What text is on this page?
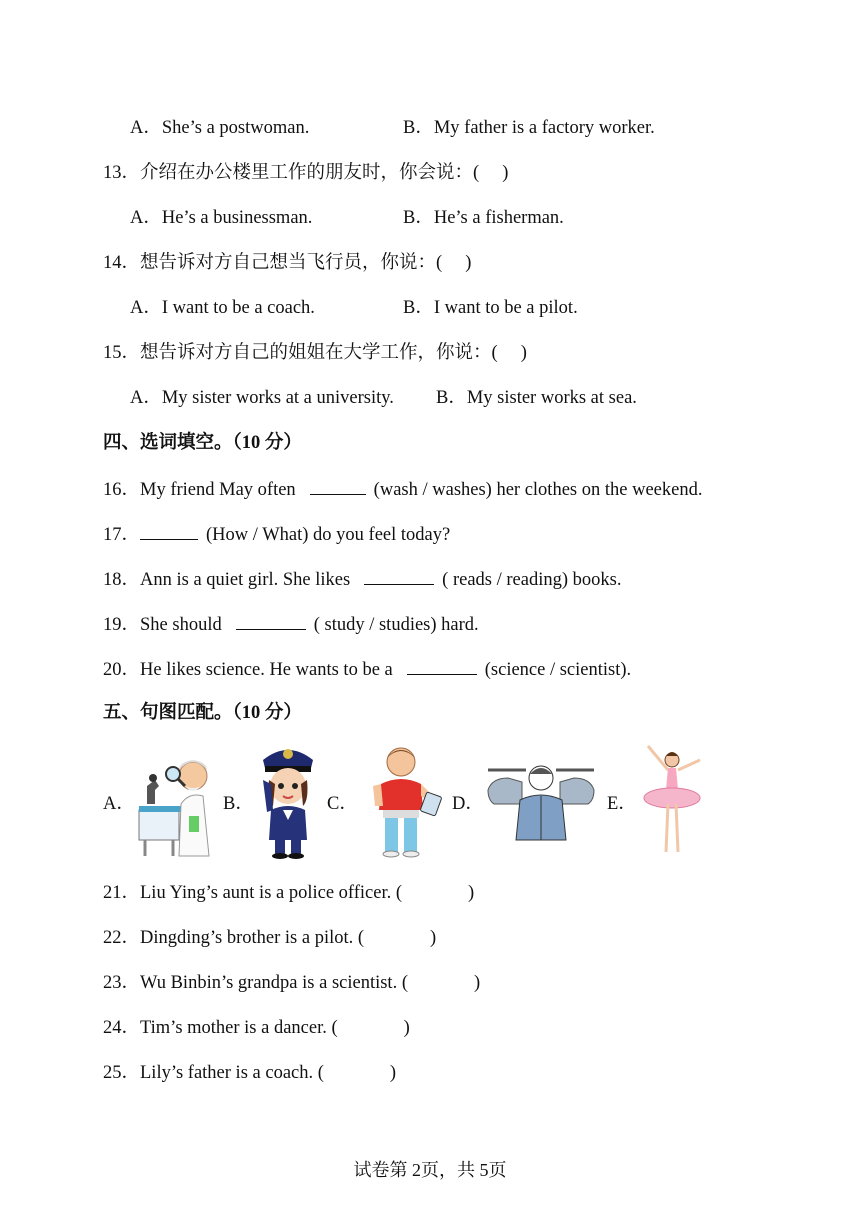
A．She’s a postwoman.	B．My father is a factory worker.
13．介绍在办公楼里工作的朋友时，你会说：(　 )
A．He’s a businessman.	B．He’s a fisherman.
14．想告诉对方自己想当飞行员，你说：(　 )
A．I want to be a coach.	B．I want to be a pilot.
15．想告诉对方自己的姐姐在大学工作，你说：(　 )
A．My sister works at a university. B．My sister works at sea.
四、选词填空。（10 分）
16．My friend May often	(wash / washes) her clothes on the weekend.
17．	(How / What) do you feel today?
18．Ann is a quiet girl. She likes	( reads / reading) books.
19．She should	( study / studies) hard.
20．He likes science. He wants to be a	(science / scientist).
五、句图匹配。（10 分）
A．	B．	C．	D．	E．
21．Liu Ying’s aunt is a police officer. (	)
22．Dingding’s brother is a pilot. (	)
23．Wu Binbin’s grandpa is a scientist. (	)
24．Tim’s mother is a dancer. (	)
25．Lily’s father is a coach. (	)
试卷第 2页，共 5页
